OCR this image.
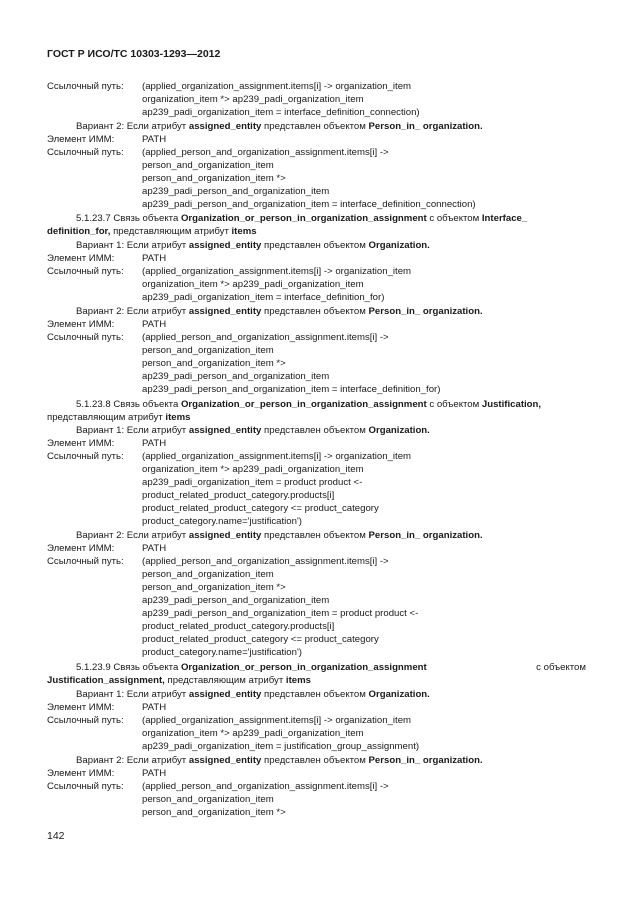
ГОСТ Р ИСО/ТС 10303-1293—2012
Ссылочный путь: (applied_organization_assignment.items[i] -> organization_item
organization_item *> ap239_padi_organization_item
ap239_padi_organization_item = interface_definition_connection)
Вариант 2: Если атрибут assigned_entity представлен объектом Person_in_ organization.
Элемент ИММ:	PATH
Ссылочный путь: (applied_person_and_organization_assignment.items[i] ->
person_and_organization_item
person_and_organization_item *>
ap239_padi_person_and_organization_item
ap239_padi_person_and_organization_item = interface_definition_connection)
5.1.23.7 Связь объекта Organization_or_person_in_organization_assignment с объектом Interface_
definition_for, представляющим атрибут items
Вариант 1: Если атрибут assigned_entity представлен объектом Organization.
Элемент ИММ:	PATH
Ссылочный путь: (applied_organization_assignment.items[i] -> organization_item
organization_item *> ap239_padi_organization_item
ap239_padi_organization_item = interface_definition_for)
Вариант 2: Если атрибут assigned_entity представлен объектом Person_in_ organization.
Элемент ИММ:	PATH
Ссылочный путь: (applied_person_and_organization_assignment.items[i] ->
person_and_organization_item
person_and_organization_item *>
ap239_padi_person_and_organization_item
ap239_padi_person_and_organization_item = interface_definition_for)
5.1.23.8 Связь объекта Organization_or_person_in_organization_assignment с объектом Justification,
представляющим атрибут items
Вариант 1: Если атрибут assigned_entity представлен объектом Organization.
Элемент ИММ:	PATH
Ссылочный путь: (applied_organization_assignment.items[i] -> organization_item
organization_item *> ap239_padi_organization_item
ap239_padi_organization_item = product product <-
product_related_product_category.products[i]
product_related_product_category <= product_category
product_category.name='justification')
Вариант 2: Если атрибут assigned_entity представлен объектом Person_in_ organization.
Элемент ИММ:	PATH
Ссылочный путь: (applied_person_and_organization_assignment.items[i] ->
person_and_organization_item
person_and_organization_item *>
ap239_padi_person_and_organization_item
ap239_padi_person_and_organization_item = product product <-
product_related_product_category.products[i]
product_related_product_category <= product_category
product_category.name='justification')
5.1.23.9 Связь объекта Organization_or_person_in_organization_assignment	с объектом
Justification_assignment, представляющим атрибут items
Вариант 1: Если атрибут assigned_entity представлен объектом Organization.
Элемент ИММ:	PATH
Ссылочный путь: (applied_organization_assignment.items[i] -> organization_item
organization_item *> ap239_padi_organization_item
ap239_padi_organization_item = justification_group_assignment)
Вариант 2: Если атрибут assigned_entity представлен объектом Person_in_ organization.
Элемент ИММ:	PATH
Ссылочный путь: (applied_person_and_organization_assignment.items[i] ->
person_and_organization_item
person_and_organization_item *>
142
